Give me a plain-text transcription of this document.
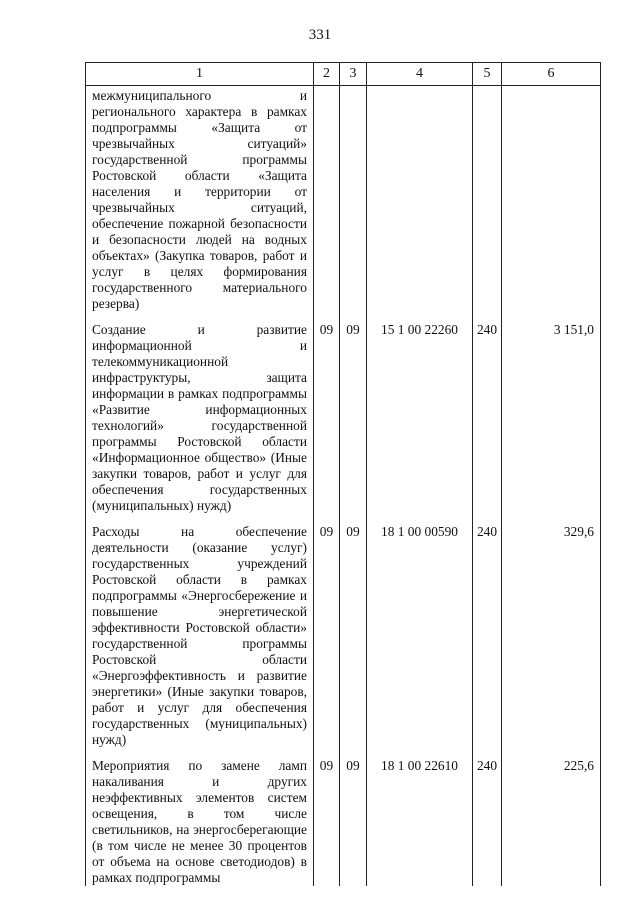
331
1	2	3	4	5	6
межмуниципального и регионального характера в рамках подпрограммы «Защита от чрезвычайных ситуаций» государственной программы Ростовской области «Защита населения и территории от чрезвычайных ситуаций, обеспечение пожарной безопасности и безопасности людей на водных объектах» (Закупка товаров, работ и услуг в целях формирования государственного материального резерва)					

Создание и развитие информационной и телекоммуникационной инфраструктуры, защита информации в рамках подпрограммы «Развитие информационных технологий» государственной программы Ростовской области «Информационное общество» (Иные закупки товаров, работ и услуг для обеспечения государственных (муниципальных) нужд)	09	09	15 1 00 22260	240	3 151,0

Расходы на обеспечение деятельности (оказание услуг) государственных учреждений Ростовской области в рамках подпрограммы «Энергосбережение и повышение энергетической эффективности Ростовской области» государственной программы Ростовской области «Энергоэффективность и развитие энергетики» (Иные закупки товаров, работ и услуг для обеспечения государственных (муниципальных) нужд)	09	09	18 1 00 00590	240	329,6

Мероприятия по замене ламп накаливания и других неэффективных элементов систем освещения, в том числе светильников, на энергосберегающие (в том числе не менее 30 процентов от объема на основе светодиодов) в рамках подпрограммы	09	09	18 1 00 22610	240	225,6
